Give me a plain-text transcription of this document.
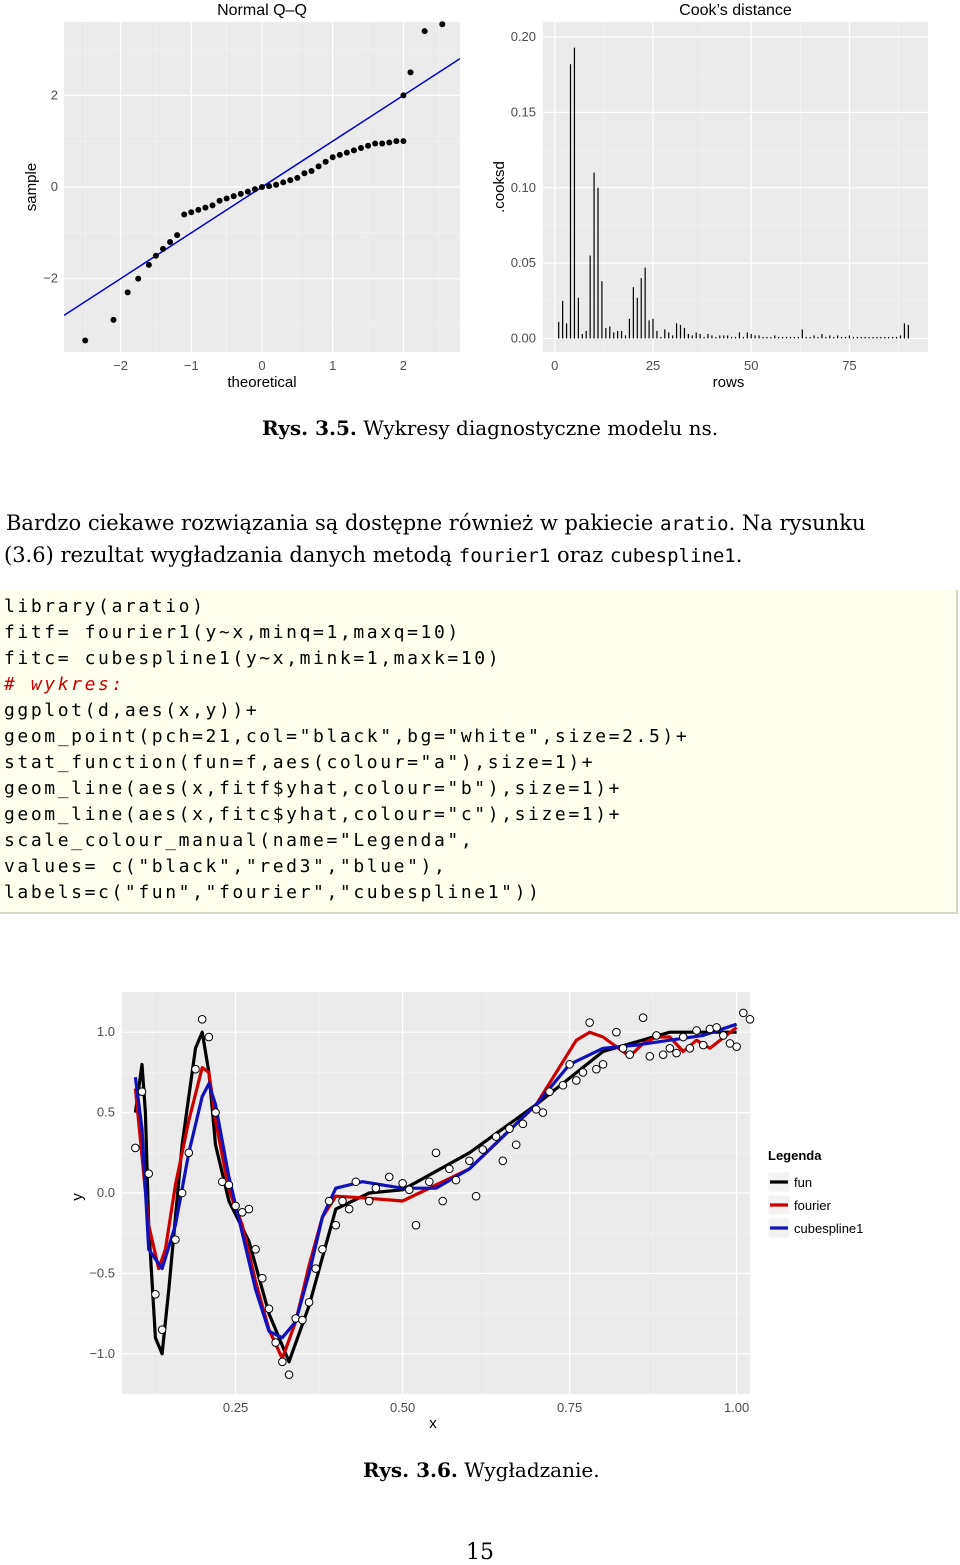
−2	−1	0	1	2
−2
0
2
Normal Q–Q
theoretical
sample
0	25	50	75
0.00
0.05
0.10
0.15
0.20
Cook’s distance
rows
.cooksd
Rys. 3.5. Wykresy diagnostyczne modelu ns.
Bardzo ciekawe rozwiązania są dostępne również w pakiecie aratio. Na rysunku
(3.6) rezultat wygładzania danych metodą fourier1 oraz cubespline1.
library(aratio)
fitf= fourier1(y~x,minq=1,maxq=10)
fitc= cubespline1(y~x,mink=1,maxk=10)
# wykres:
ggplot(d,aes(x,y))+
geom_point(pch=21,col="black",bg="white",size=2.5)+
stat_function(fun=f,aes(colour="a"),size=1)+
geom_line(aes(x,fitf$yhat,colour="b"),size=1)+
geom_line(aes(x,fitc$yhat,colour="c"),size=1)+
scale_colour_manual(name="Legenda",
values= c("black","red3","blue"),
labels=c("fun","fourier","cubespline1"))
0.25	0.50	0.75	1.00
−1.0
−0.5
0.0
0.5
1.0
x
y
Legenda
fun
fourier
cubespline1
Rys. 3.6. Wygładzanie.
15
